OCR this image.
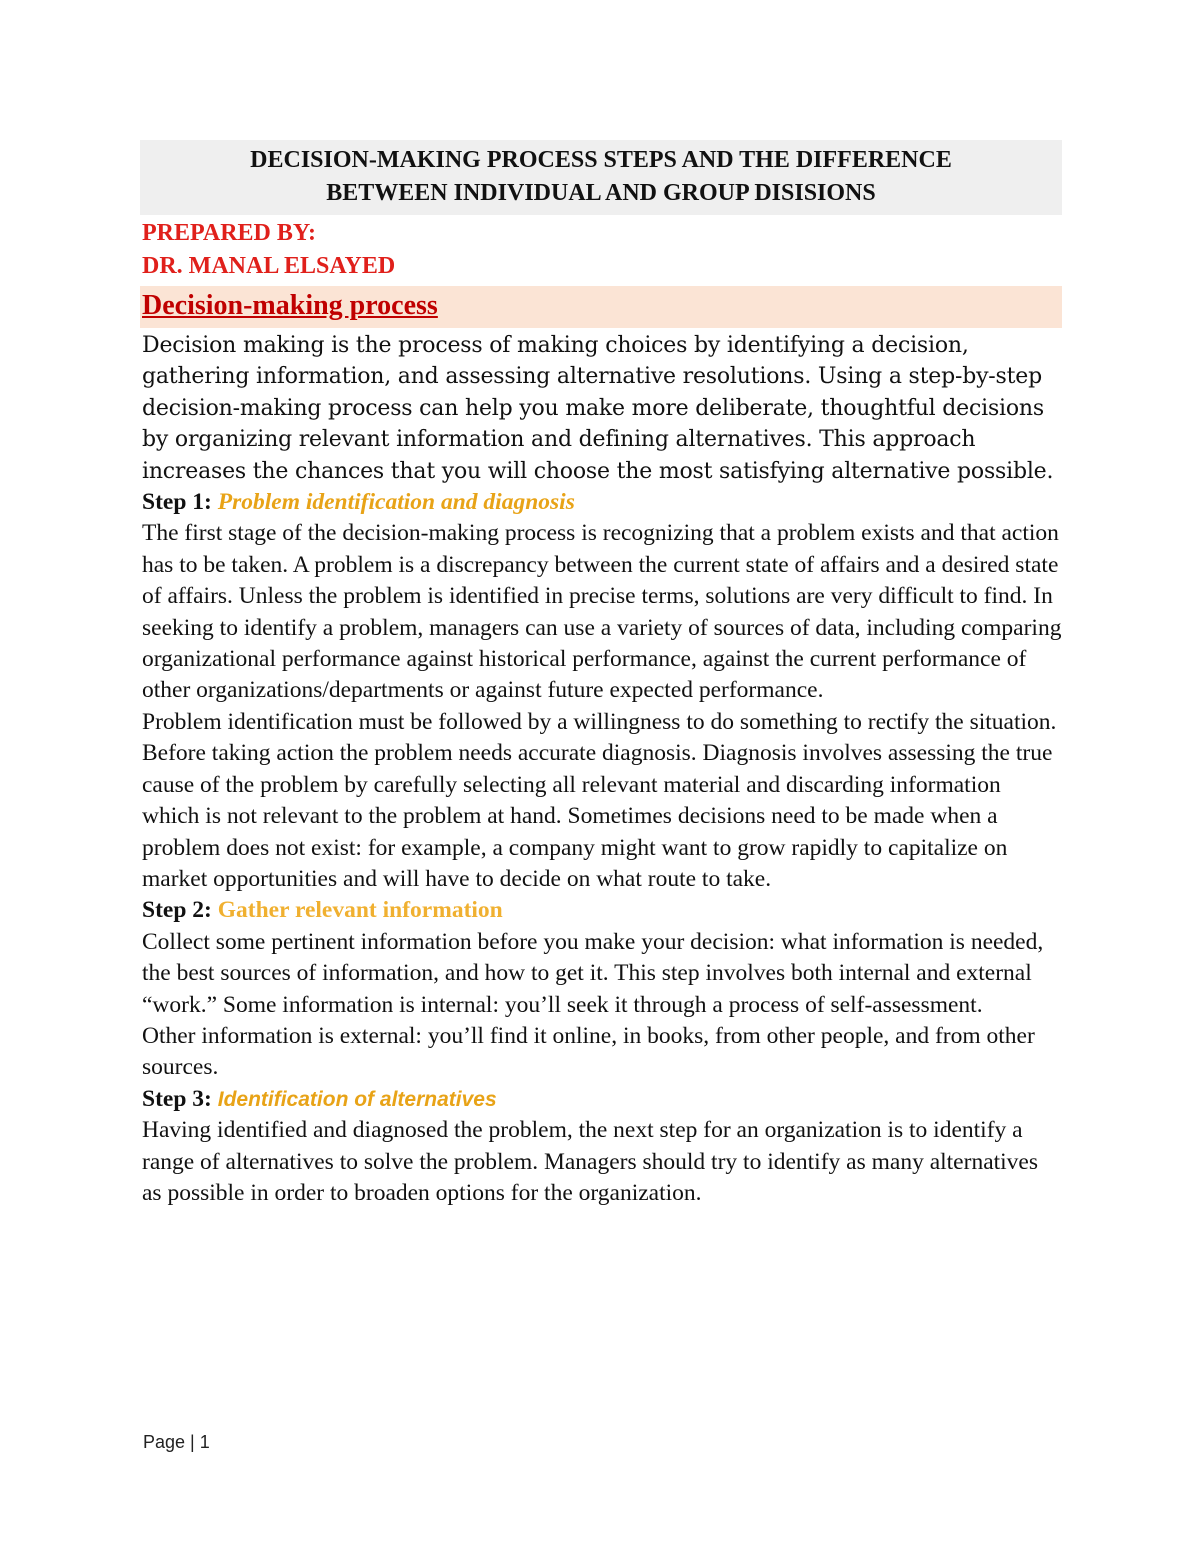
DECISION-MAKING PROCESS STEPS AND THE DIFFERENCE
BETWEEN INDIVIDUAL AND GROUP DISISIONS
PREPARED BY:
DR. MANAL ELSAYED
Decision-making process

Decision making is the process of making choices by identifying a decision, gathering information, and assessing alternative resolutions. Using a step-by-step decision-making process can help you make more deliberate, thoughtful decisions by organizing relevant information and defining alternatives. This approach increases the chances that you will choose the most satisfying alternative possible.

Step 1: Problem identification and diagnosis

The first stage of the decision-making process is recognizing that a problem exists and that action has to be taken. A problem is a discrepancy between the current state of affairs and a desired state of affairs. Unless the problem is identified in precise terms, solutions are very difficult to find. In seeking to identify a problem, managers can use a variety of sources of data, including comparing organizational performance against historical performance, against the current performance of other organizations/departments or against future expected performance.

Problem identification must be followed by a willingness to do something to rectify the situation. Before taking action the problem needs accurate diagnosis. Diagnosis involves assessing the true cause of the problem by carefully selecting all relevant material and discarding information which is not relevant to the problem at hand. Sometimes decisions need to be made when a problem does not exist: for example, a company might want to grow rapidly to capitalize on market opportunities and will have to decide on what route to take.

Step 2: Gather relevant information

Collect some pertinent information before you make your decision: what information is needed, the best sources of information, and how to get it. This step involves both internal and external “work.” Some information is internal: you’ll seek it through a process of self-assessment.

Other information is external: you’ll find it online, in books, from other people, and from other sources.

Step 3: Identification of alternatives

Having identified and diagnosed the problem, the next step for an organization is to identify a range of alternatives to solve the problem. Managers should try to identify as many alternatives as possible in order to broaden options for the organization.

Page | 1
